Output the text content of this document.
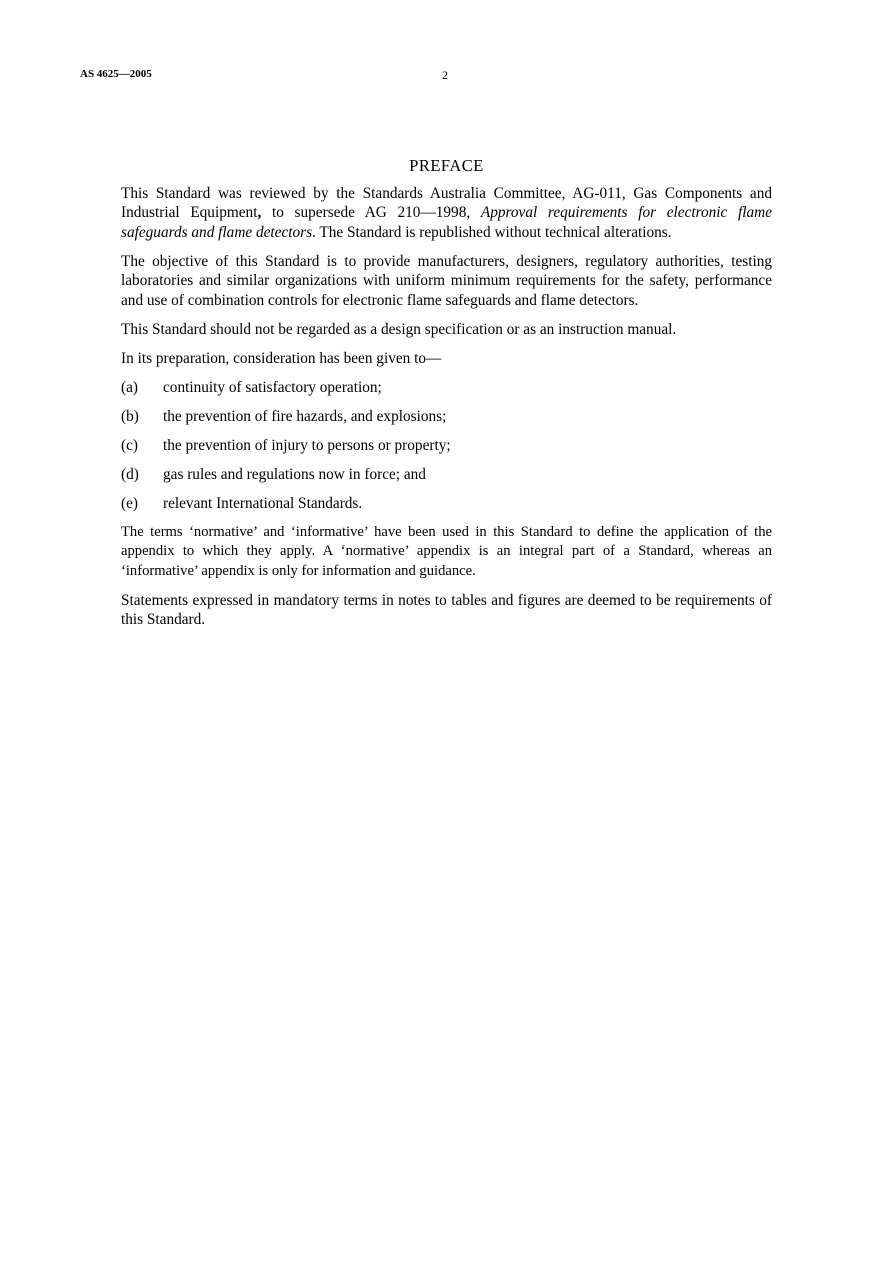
AS 4625—2005	2
PREFACE

This Standard was reviewed by the Standards Australia Committee, AG-011, Gas Components and Industrial Equipment, to supersede AG 210—1998, Approval requirements for electronic flame safeguards and flame detectors. The Standard is republished without technical alterations.

The objective of this Standard is to provide manufacturers, designers, regulatory authorities, testing laboratories and similar organizations with uniform minimum requirements for the safety, performance and use of combination controls for electronic flame safeguards and flame detectors.

This Standard should not be regarded as a design specification or as an instruction manual.

In its preparation, consideration has been given to—

(a)	continuity of satisfactory operation;
(b)	the prevention of fire hazards, and explosions;
(c)	the prevention of injury to persons or property;
(d)	gas rules and regulations now in force; and
(e)	relevant International Standards.

The terms ‘normative’ and ‘informative’ have been used in this Standard to define the application of the appendix to which they apply. A ‘normative’ appendix is an integral part of a Standard, whereas an ‘informative’ appendix is only for information and guidance.

Statements expressed in mandatory terms in notes to tables and figures are deemed to be requirements of this Standard.
